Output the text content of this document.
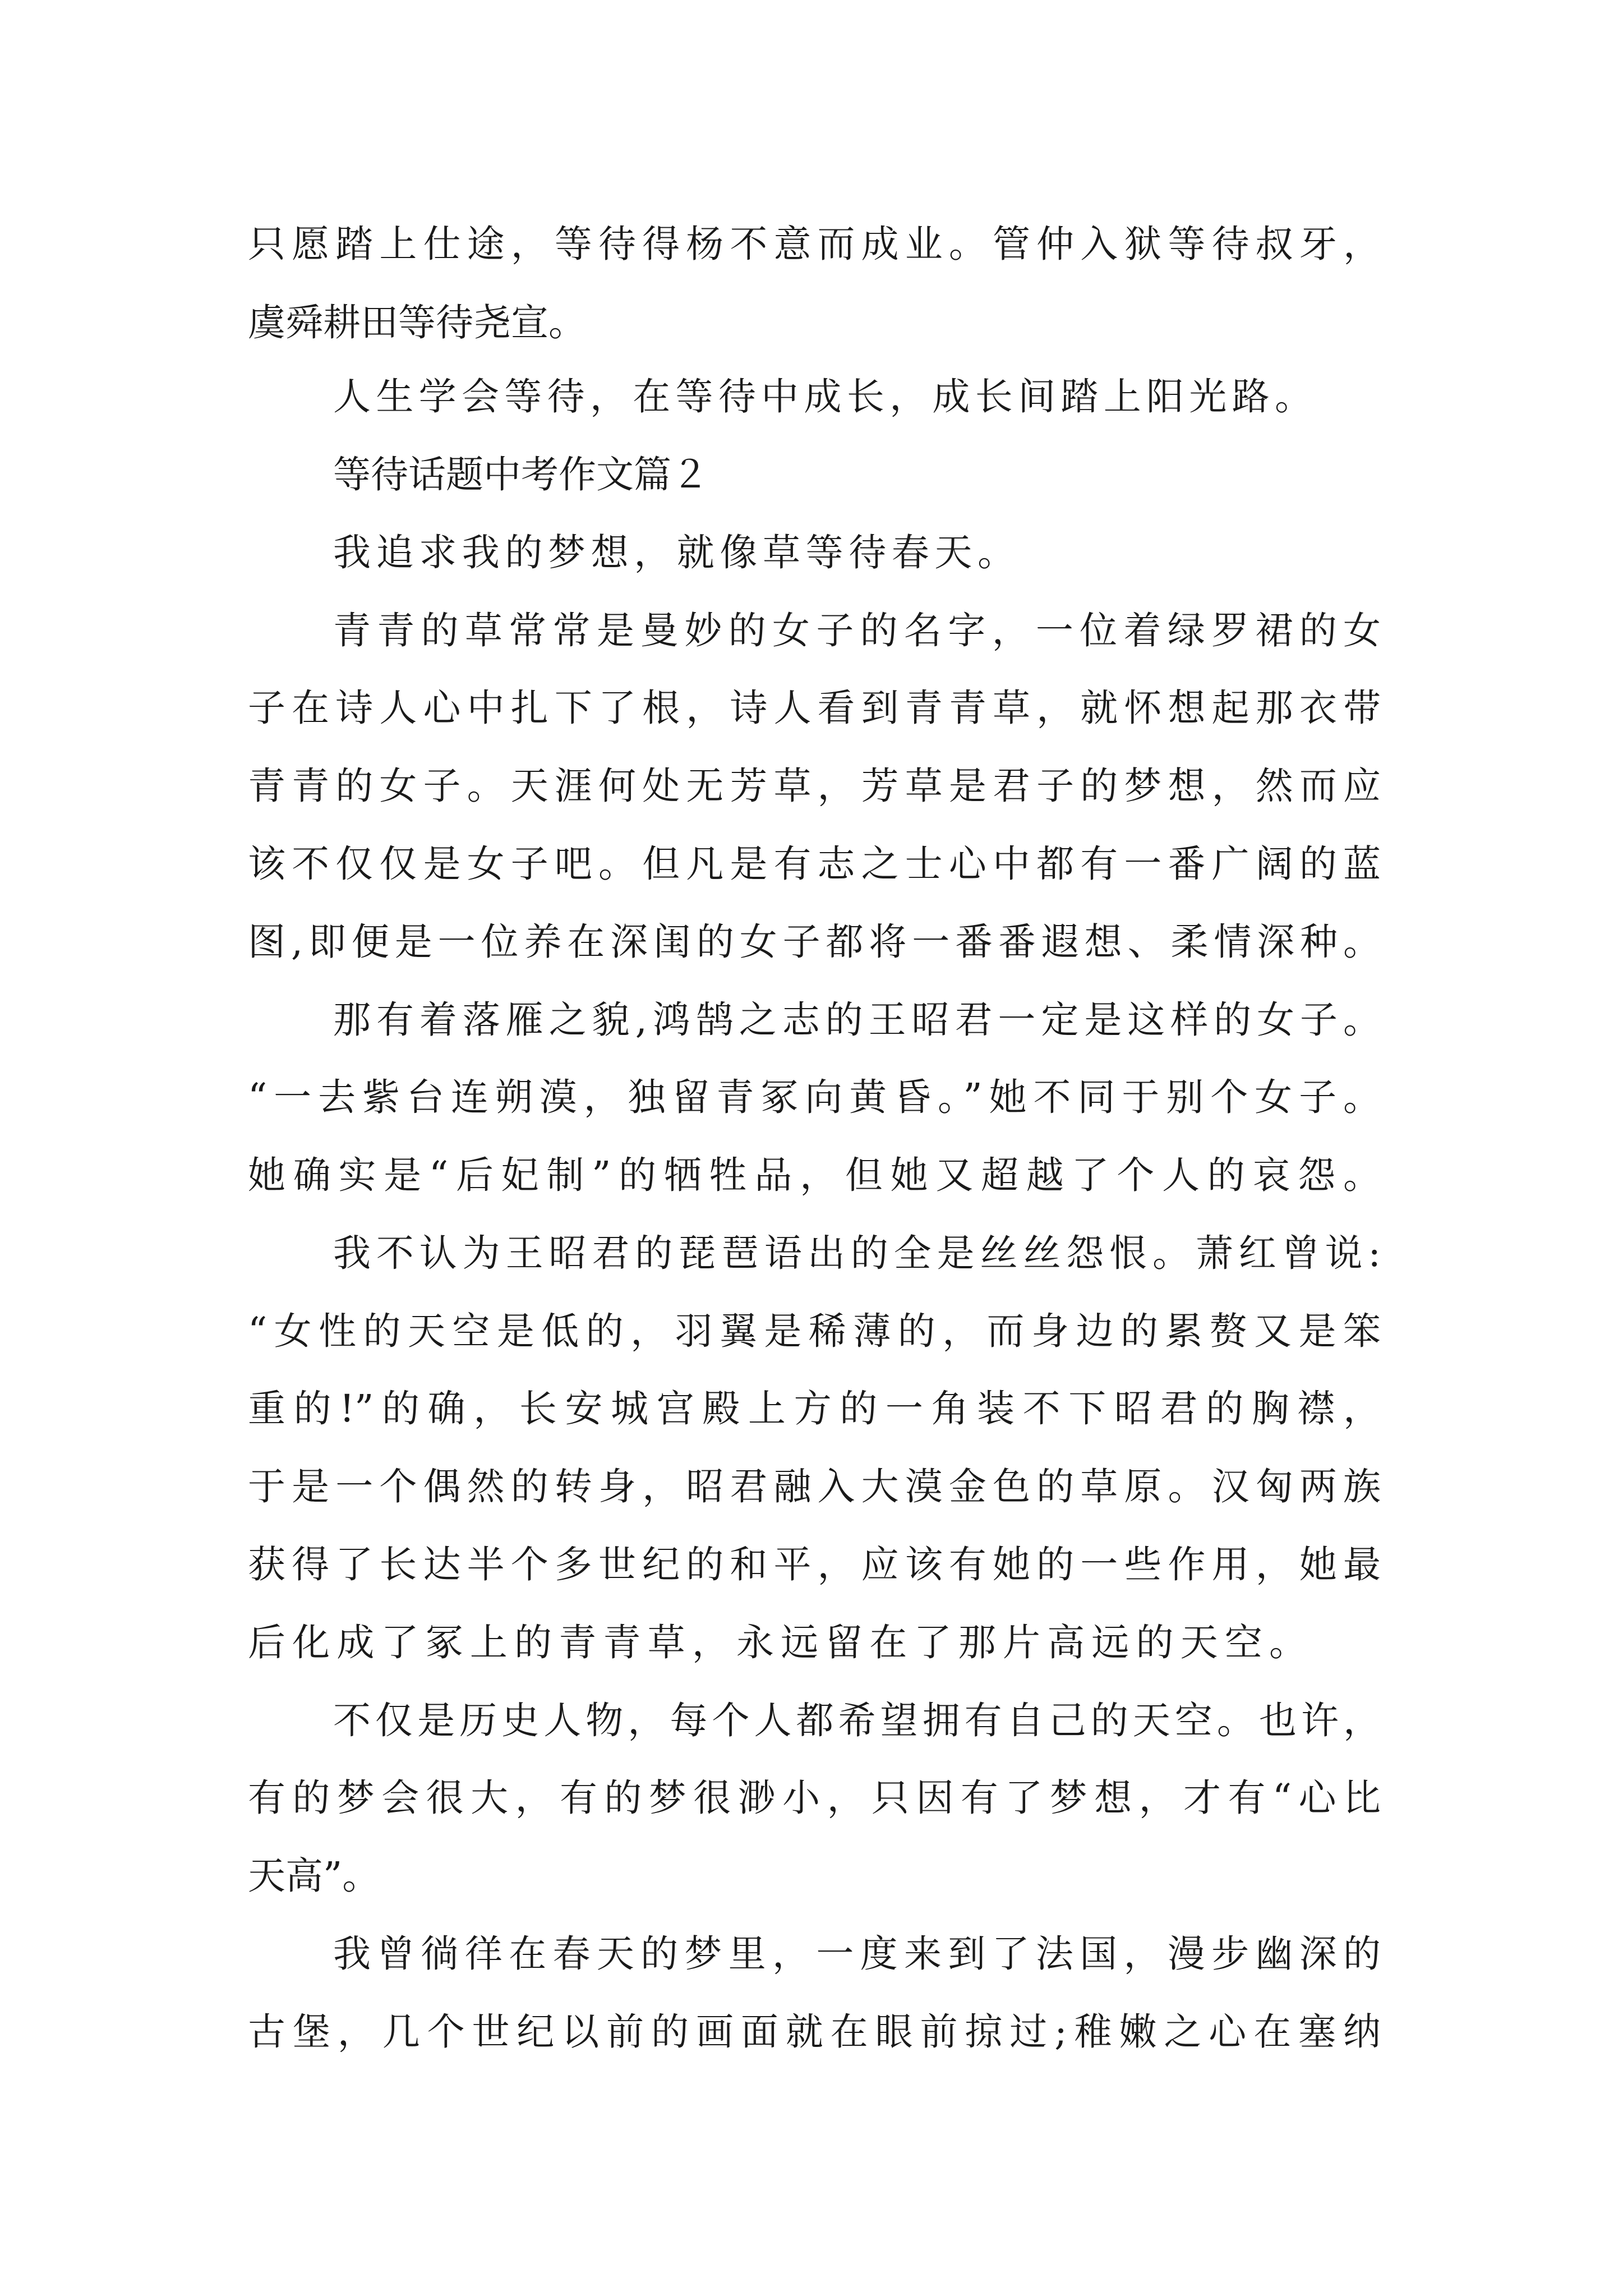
只愿踏上仕途，等待得杨不意而成业。管仲入狱等待叔牙，
虞舜耕田等待尧宣。
人生学会等待，在等待中成长，成长间踏上阳光路。
等待话题中考作文篇２
我追求我的梦想，就像草等待春天。
青青的草常常是曼妙的女子的名字，一位着绿罗裙的女
子在诗人心中扎下了根，诗人看到青青草，就怀想起那衣带
青青的女子。天涯何处无芳草，芳草是君子的梦想，然而应
该不仅仅是女子吧。但凡是有志之士心中都有一番广阔的蓝
图,即便是一位养在深闺的女子都将一番番遐想、柔情深种。
那有着落雁之貌,鸿鹄之志的王昭君一定是这样的女子。
“一去紫台连朔漠，独留青冢向黄昏。”她不同于别个女子。
她确实是“后妃制”的牺牲品，但她又超越了个人的哀怨。
我不认为王昭君的琵琶语出的全是丝丝怨恨。萧红曾说:
“女性的天空是低的，羽翼是稀薄的，而身边的累赘又是笨
重的!”的确，长安城宫殿上方的一角装不下昭君的胸襟，
于是一个偶然的转身，昭君融入大漠金色的草原。汉匈两族
获得了长达半个多世纪的和平，应该有她的一些作用，她最
后化成了冢上的青青草，永远留在了那片高远的天空。
不仅是历史人物，每个人都希望拥有自己的天空。也许，
有的梦会很大，有的梦很渺小，只因有了梦想，才有“心比
天高”。
我曾徜徉在春天的梦里，一度来到了法国，漫步幽深的
古堡，几个世纪以前的画面就在眼前掠过;稚嫩之心在塞纳
